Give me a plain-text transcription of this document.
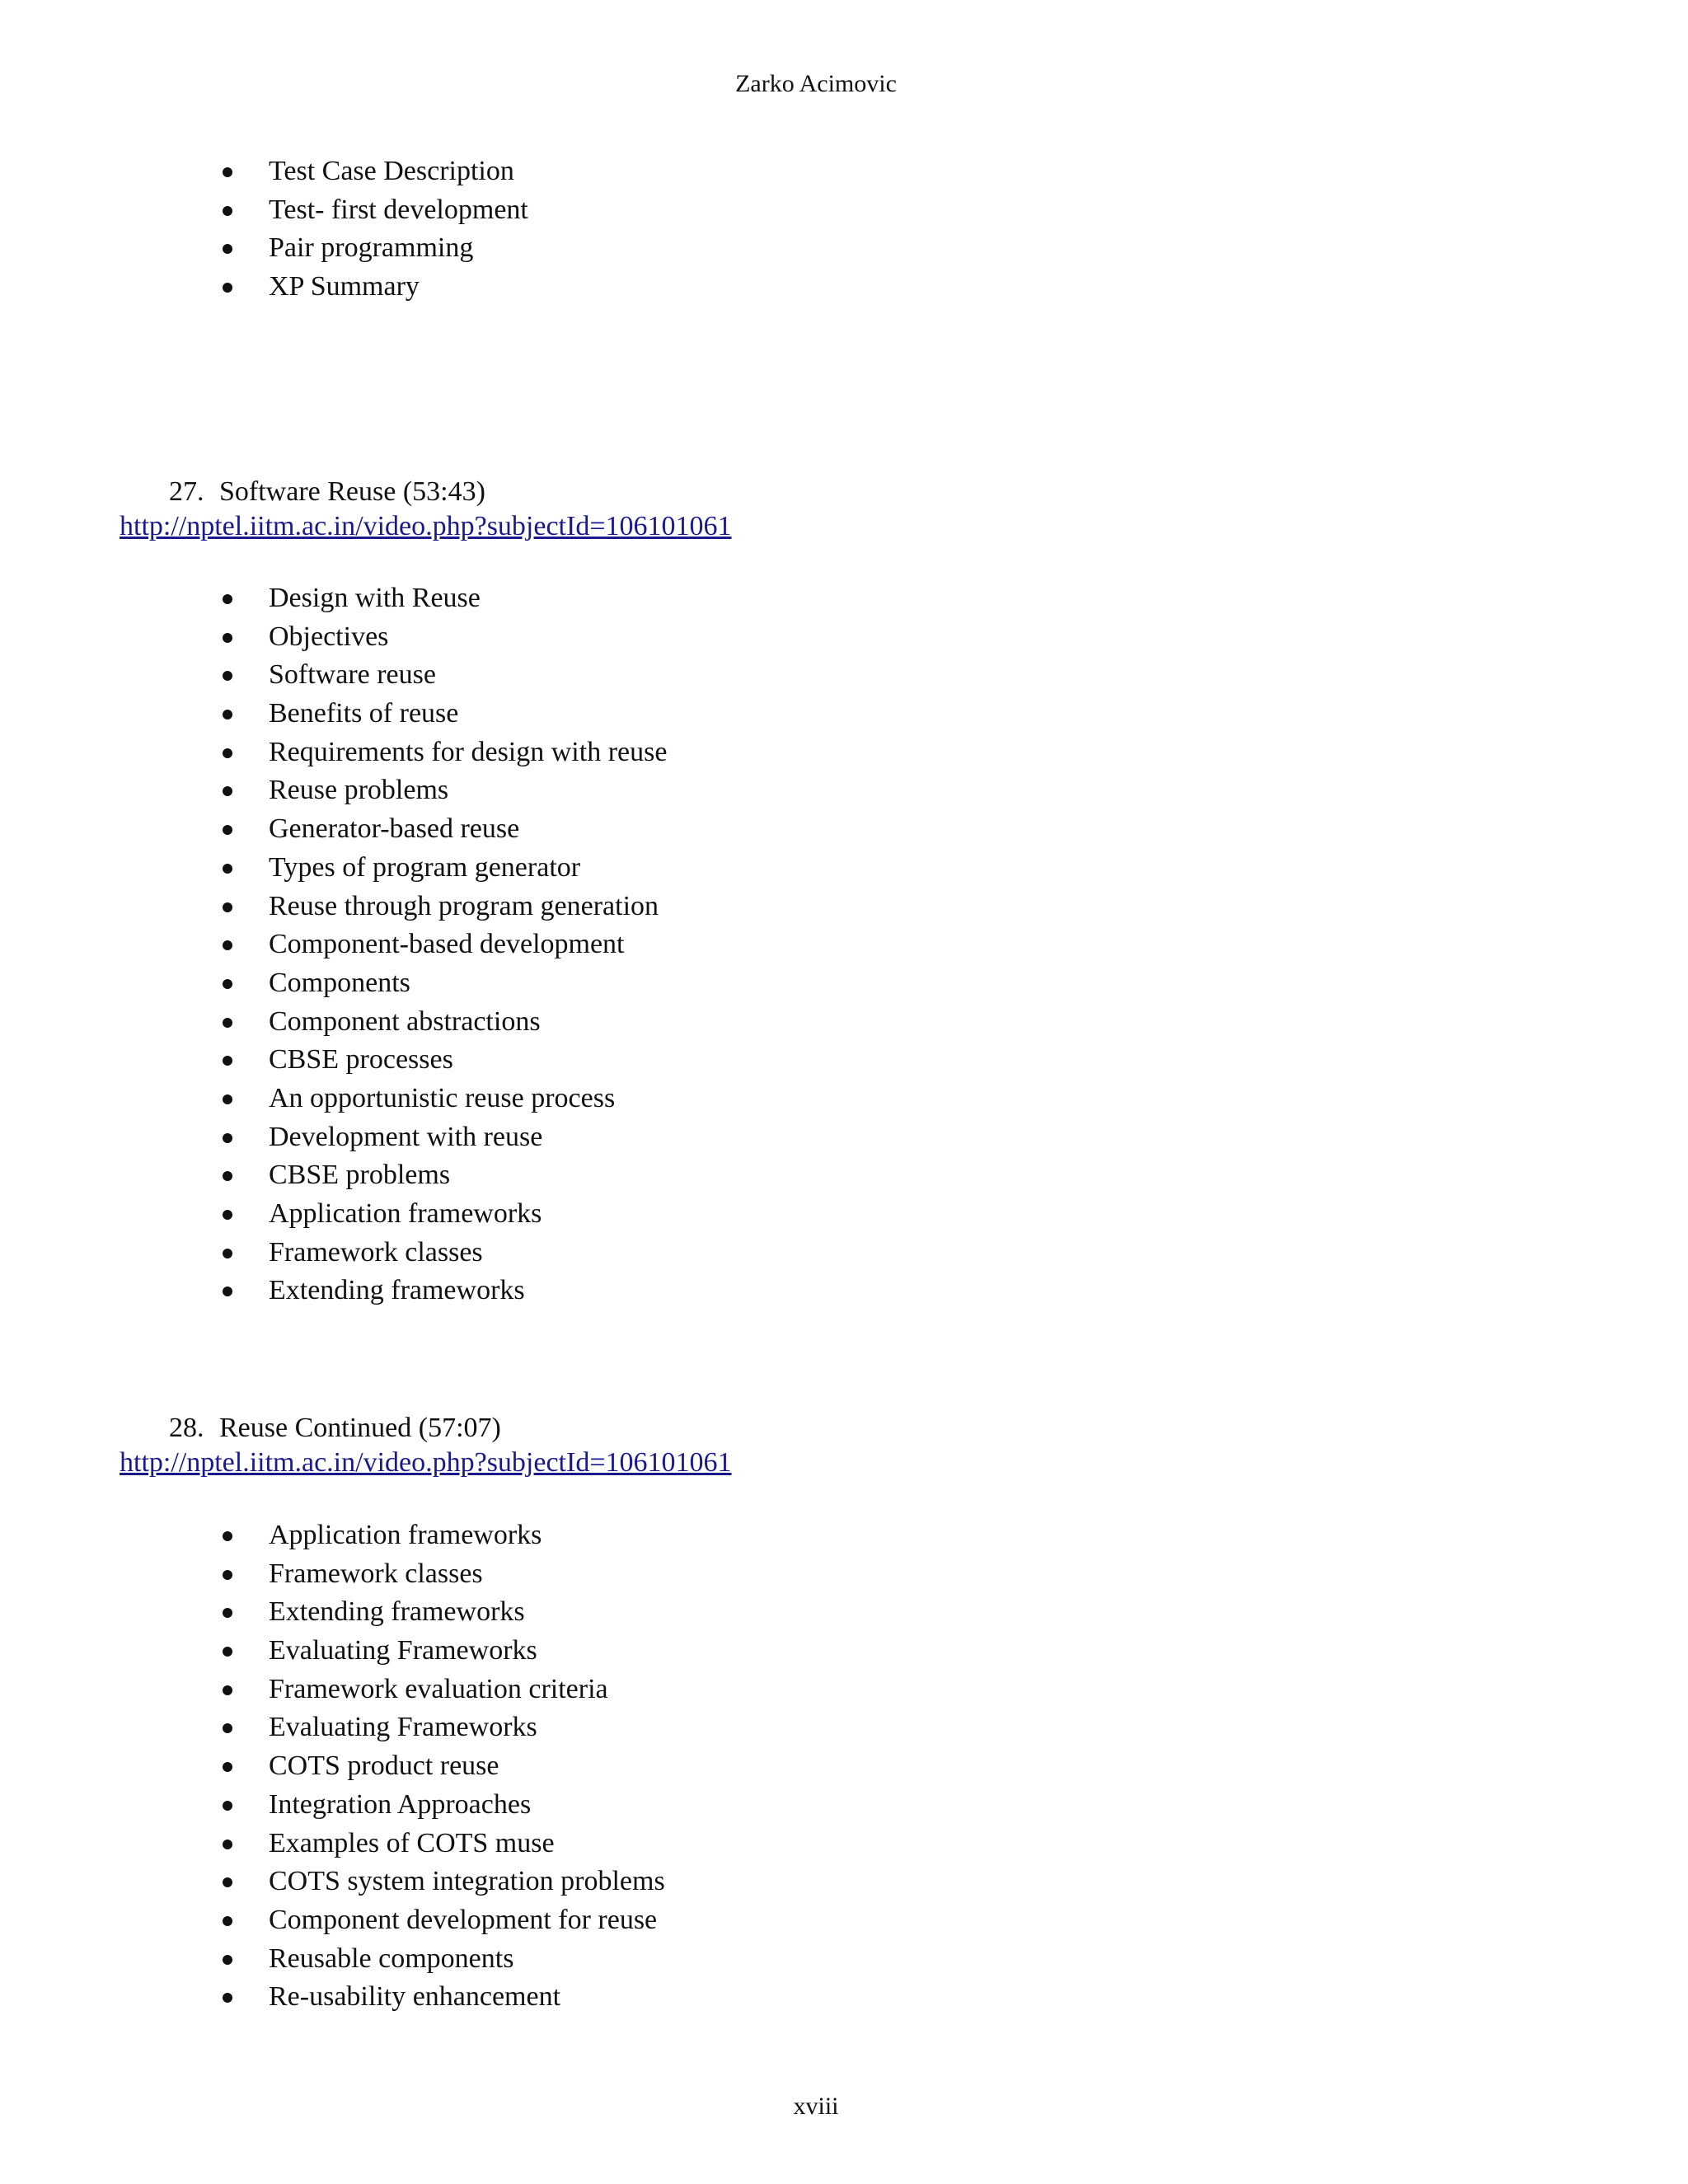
Zarko Acimovic
Test Case Description
Test- first development
Pair programming
XP Summary
27. Software Reuse (53:43)
http://nptel.iitm.ac.in/video.php?subjectId=106101061
Design with Reuse
Objectives
Software reuse
Benefits of reuse
Requirements for design with reuse
Reuse problems
Generator-based reuse
Types of program generator
Reuse through program generation
Component-based development
Components
Component abstractions
CBSE processes
An opportunistic reuse process
Development with reuse
CBSE problems
Application frameworks
Framework classes
Extending frameworks
28. Reuse Continued (57:07)
http://nptel.iitm.ac.in/video.php?subjectId=106101061
Application frameworks
Framework classes
Extending frameworks
Evaluating Frameworks
Framework evaluation criteria
Evaluating Frameworks
COTS product reuse
Integration Approaches
Examples of COTS muse
COTS system integration problems
Component development for reuse
Reusable components
Re-usability enhancement
xviii
